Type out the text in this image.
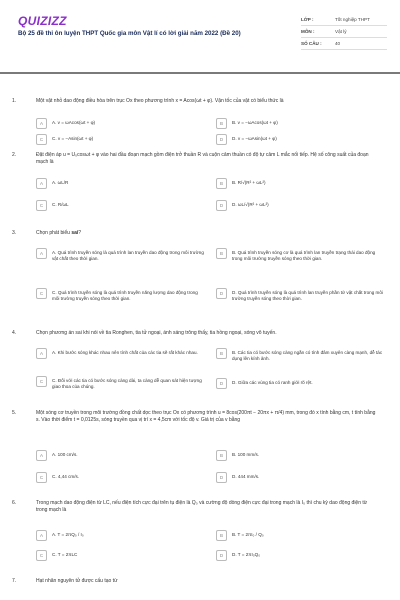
QUIZIZZ	LỚP :	Tốt nghiệp THPT
MÔN :	Vật lý
SỐ CÂU :	40
Bộ 25 đề thi ôn luyện THPT Quốc gia môn Vật lí có lời giải năm 2022 (Đề 20)
1.	Một vật nhỏ dao động điều hòa trên trục Ox theo phương trình x = Acos(ωt + φ). Vận tốc của vật có biểu thức là
A	A. v = ωAcos(ωt + φ)	B	B. v = −ωAcos(ωt + φ)
C	C. v = −Asin(ωt + φ)	D	D. v = −ωAsin(ωt + φ)
2.	Đặt điện áp u = U₀cosωt + φ vào hai đầu đoạn mạch gồm điện trở thuần R và cuộn cảm thuần có độ tự cảm L mắc nối tiếp. Hệ số công suất của đoạn mạch là
A	A. ωL/R	B	B. R/√(R² + ωL²)
C	C. R/ωL	D	D. ωL/√(R² + ωL²)
3.	Chọn phát biểu sai?
A	A. Quá trình truyền sóng là quá trình lan truyền dao động trong môi trường vật chất theo thời gian.
B	B. Quá trình truyền sóng cơ là quá trình lan truyền trạng thái dao động trong môi trường truyền sóng theo thời gian.
C	C. Quá trình truyền sóng là quá trình truyền năng lượng dao động trong môi trường truyền sóng theo thời gian.
D	D. Quá trình truyền sóng là quá trình lan truyền phần tử vật chất trong môi trường truyền sóng theo thời gian.
4.	Chọn phương án sai khi nói về tia Ronghen, tia tử ngoại, ánh sáng trông thấy, tia hồng ngoại, sóng vô tuyến.
A	A. Khi bước sóng khác nhau nên tính chất của các tia sẽ rất khác nhau.	B	B. Các tia có bước sóng càng ngắn có tính đâm xuyên càng mạnh, dễ tác dụng lên kính ảnh.
C	C. Đối với các tia có bước sóng càng dài, ta càng dễ quan sát hiện tượng giao thoa của chúng.
D	D. Giữa các vùng tia có ranh giới rõ rệt.
5.	Một sóng cơ truyền trong môi trường đồng chất dọc theo trục Ox có phương trình u = 8cos(200πt − 20πx + π/4) mm, trong đó x tính bằng cm, t tính bằng s. Vào thời điểm t = 0,0125s, sóng truyền qua vị trí x = 4,5cm với tốc độ v. Giá trị của v bằng
A	A. 100 cm/s.	B	B. 100 mm/s.
C	C. 4,44 cm/s.	D	D. 444 mm/s.
6.	Trong mạch dao động điện từ LC, nếu điện tích cực đại trên tụ điện là Q₀ và cường độ dòng điện cực đại trong mạch là I₀ thì chu kỳ dao động điện từ trong mạch là
A	A. T = 2πQ₀ / I₀	B	B. T = 2πI₀ / Q₀
C	C. T = 2πLC	D	D. T = 2πI₀Q₀
7.	Hạt nhân nguyên tử được cấu tạo từ
